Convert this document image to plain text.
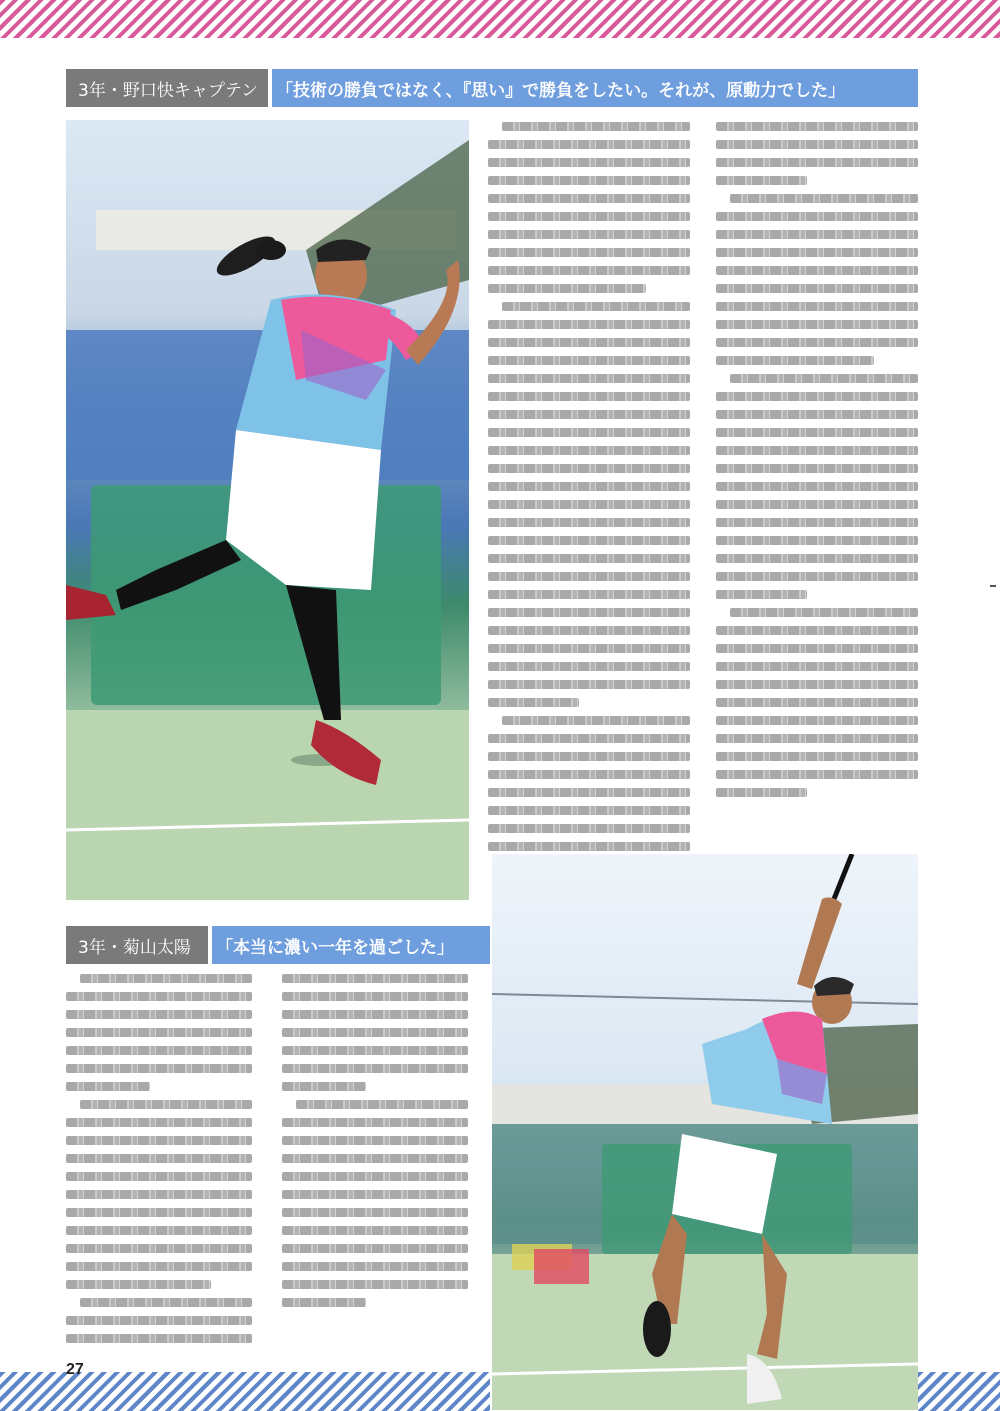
3年・野口快キャプテン	「技術の勝負ではなく、『思い』で勝負をしたい。それが、原動力でした」
3年・菊山太陽	「本当に濃い一年を過ごした」
27
